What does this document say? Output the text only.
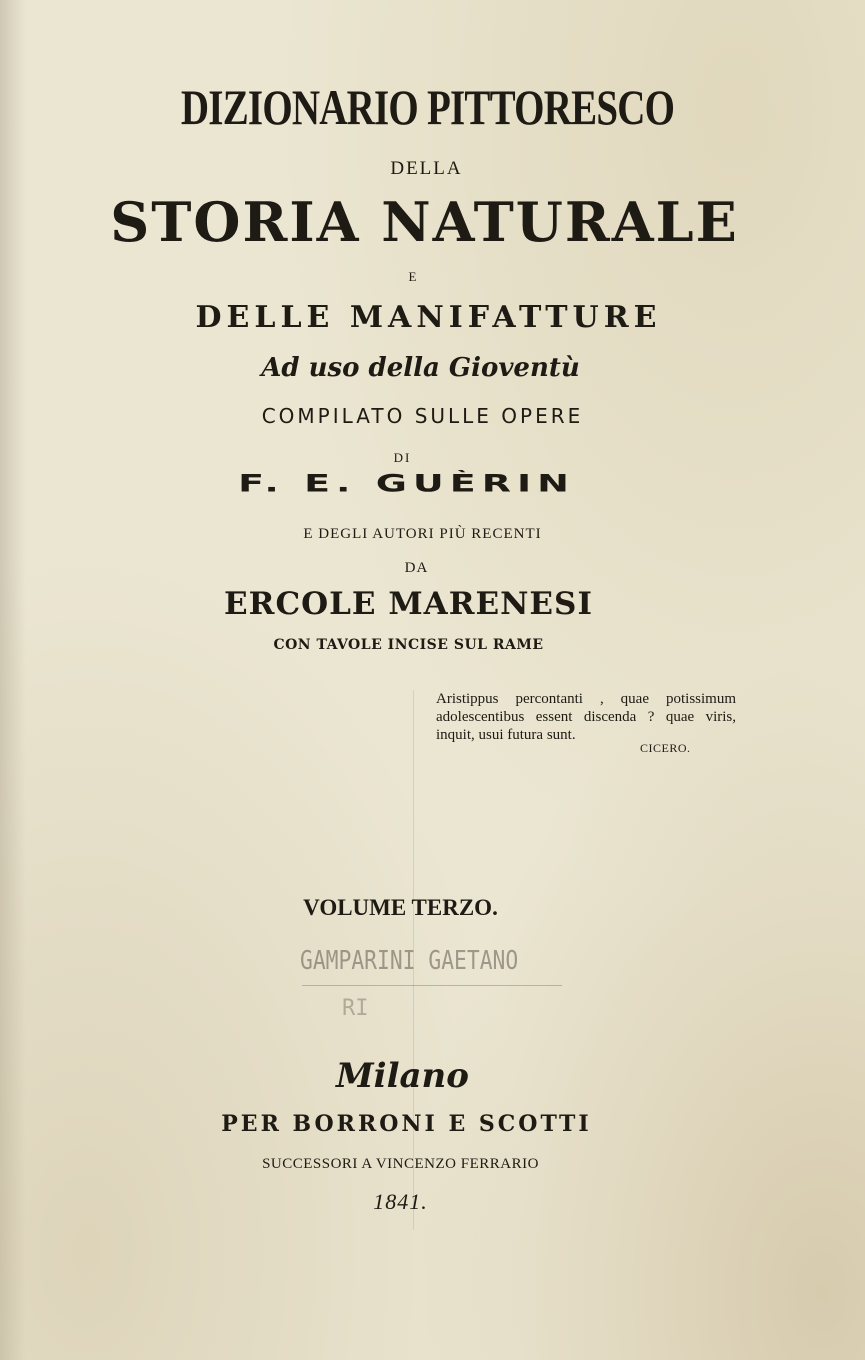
DIZIONARIO PITTORESCO
DELLA
STORIA NATURALE
E
DELLE MANIFATTURE
Ad uso della Gioventù
COMPILATO SULLE OPERE
DI
F. E. GUÈRIN
E DEGLI AUTORI PIÙ RECENTI
DA
ERCOLE MARENESI
CON TAVOLE INCISE SUL RAME
Aristippus percontanti , quae potissimum adolescentibus essent discenda ? quae viris, inquit, usui futura sunt.
CICERO.
VOLUME TERZO.
GAMPARINI GAETANO
RI
Milano
PER BORRONI E SCOTTI
SUCCESSORI A VINCENZO FERRARIO
1841.
